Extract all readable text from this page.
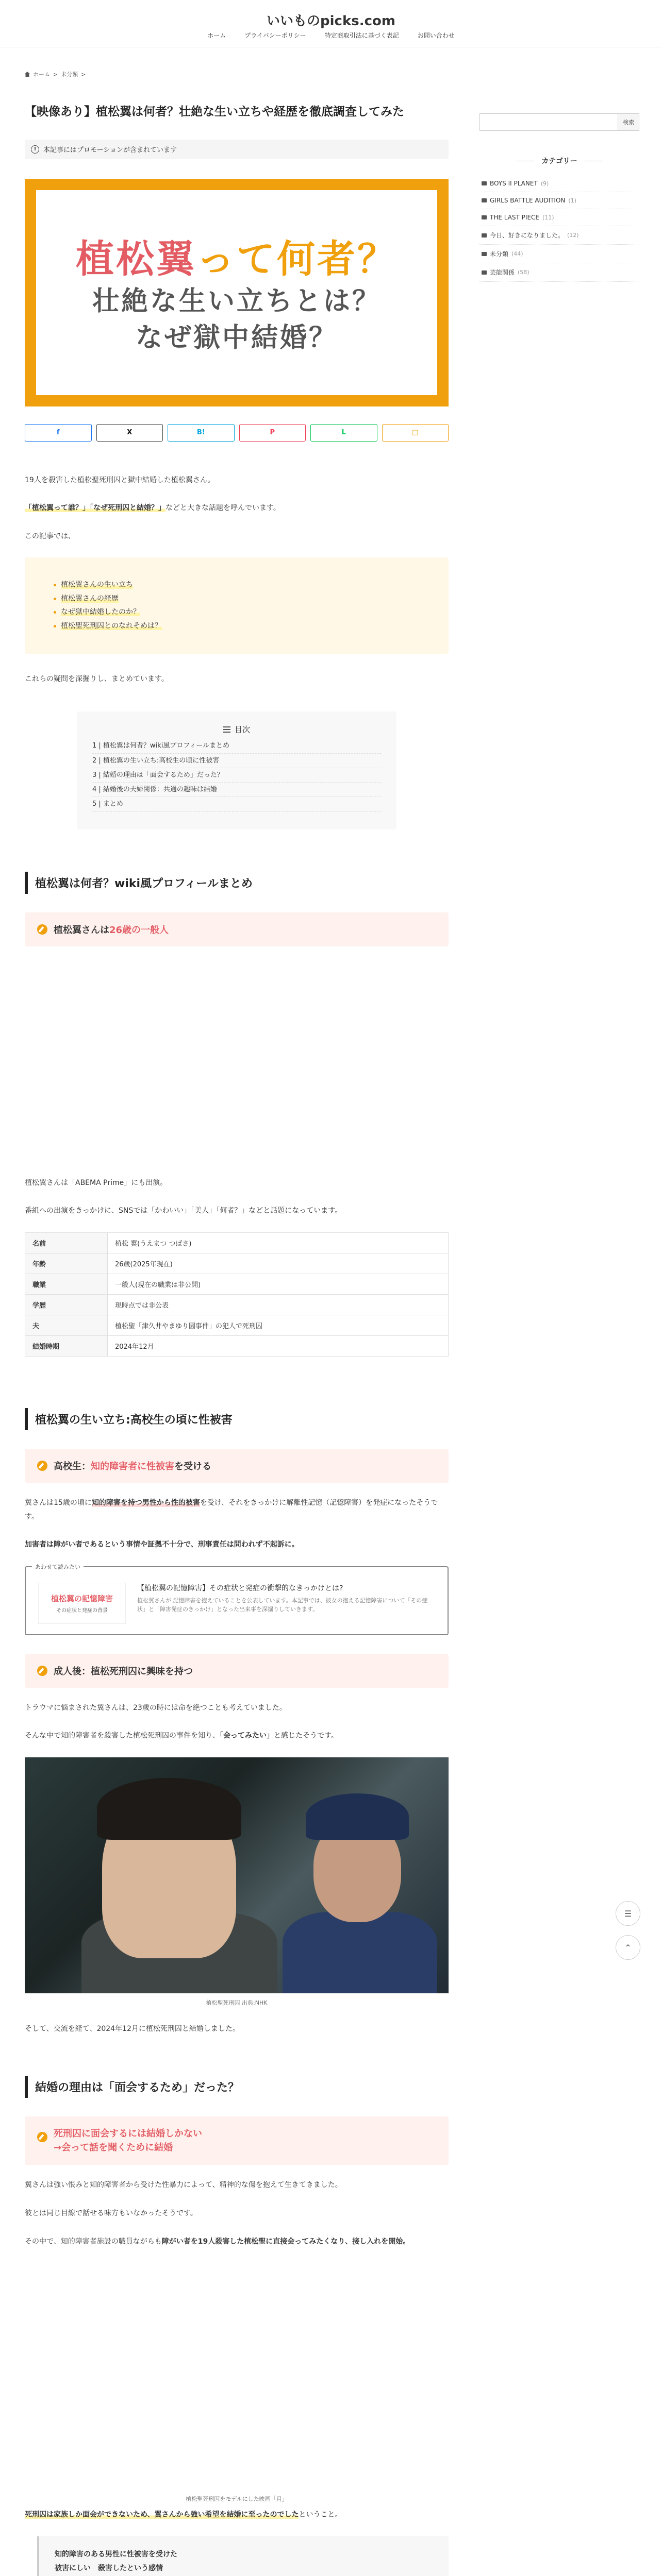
いいものpicks.com
ホーム	プライバシーポリシー	特定商取引法に基づく表記	お問い合わせ
ホーム > 未分類 >
【映像あり】植松翼は何者？壮絶な生い立ちや経歴を徹底調査してみた
!	本記事にはプロモーションが含まれています
植松翼って何者？
壮絶な生い立ちとは？
なぜ獄中結婚？
f	X	B!	P	L	□

19人を殺害した植松聖死刑囚と獄中結婚した植松翼さん。

「植松翼って誰？」「なぜ死刑囚と結婚？」などと大きな話題を呼んでいます。

この記事では、

植松翼さんの生い立ち
植松翼さんの経歴
なぜ獄中結婚したのか？
植松聖死刑囚とのなれそめは？

これらの疑問を深掘りし、まとめています。

目次
1 | 植松翼は何者？wiki風プロフィールまとめ
2 | 植松翼の生い立ち:高校生の頃に性被害
3 | 結婚の理由は「面会するため」だった？
4 | 結婚後の夫婦関係：共通の趣味は結婚
5 | まとめ
植松翼は何者？wiki風プロフィールまとめ
植松翼さんは26歳の一般人

植松翼さんは「ABEMA Prime」にも出演。

番組への出演をきっかけに、SNSでは「かわいい」「美人」「何者？」などと話題になっています。

名前	植松 翼(うえまつ つばさ)
年齢	26歳(2025年現在)
職業	一般人(現在の職業は非公開)
学歴	現時点では非公表
夫	植松聖「津久井やまゆり園事件」の犯人で死刑囚
結婚時期	2024年12月
植松翼の生い立ち:高校生の頃に性被害
高校生：知的障害者に性被害を受ける

翼さんは15歳の頃に知的障害を持つ男性から性的被害を受け、それをきっかけに解離性記憶（記憶障害）を発症になったそうです。

加害者は障がい者であるという事情や証拠不十分で、刑事責任は問われず不起訴に。

あわせて読みたい
植松翼の記憶障害
その症状と発症の背景
【植松翼の記憶障害】その症状と発症の衝撃的なきっかけとは?
植松翼さんが 記憶障害を抱えていることを公表しています。本記事では、彼女の抱える記憶障害について「その症状」と「障害発症のきっかけ」となった出来事を深掘りしていきます。
成人後：植松死刑囚に興味を持つ

トラウマに悩まされた翼さんは、23歳の時には命を絶つことも考えていました。

そんな中で知的障害者を殺害した植松死刑囚の事件を知り、「会ってみたい」と感じたそうです。

植松聖死刑囚 出典:NHK

そして、交流を経て、2024年12月に植松死刑囚と結婚しました。

結婚の理由は「面会するため」だった？
死刑囚に面会するには結婚しかない
→会って話を聞くために結婚

翼さんは強い恨みと知的障害者から受けた性暴力によって、精神的な傷を抱えて生きてきました。

彼とは同じ目線で話せる味方もいなかったそうです。

その中で、知的障害者施設の職員ながらも障がい者を19人殺害した植松聖に直接会ってみたくなり、接し入れを開始。

植松聖死刑囚をモデルにした映画「月」

死刑囚は家族しか面会ができないため、翼さんから強い希望を結婚に至ったのでしたということ。

知的障害のある男性に性被害を受けた
被害にしい　殺害したという感情

検索
カテゴリー
BOYS II PLANET (9)
GIRLS BATTLE AUDITION (1)
THE LAST PIECE (11)
今日、好きになりました。 (12)
未分類 (44)
芸能関係 (58)
☰
⌃
